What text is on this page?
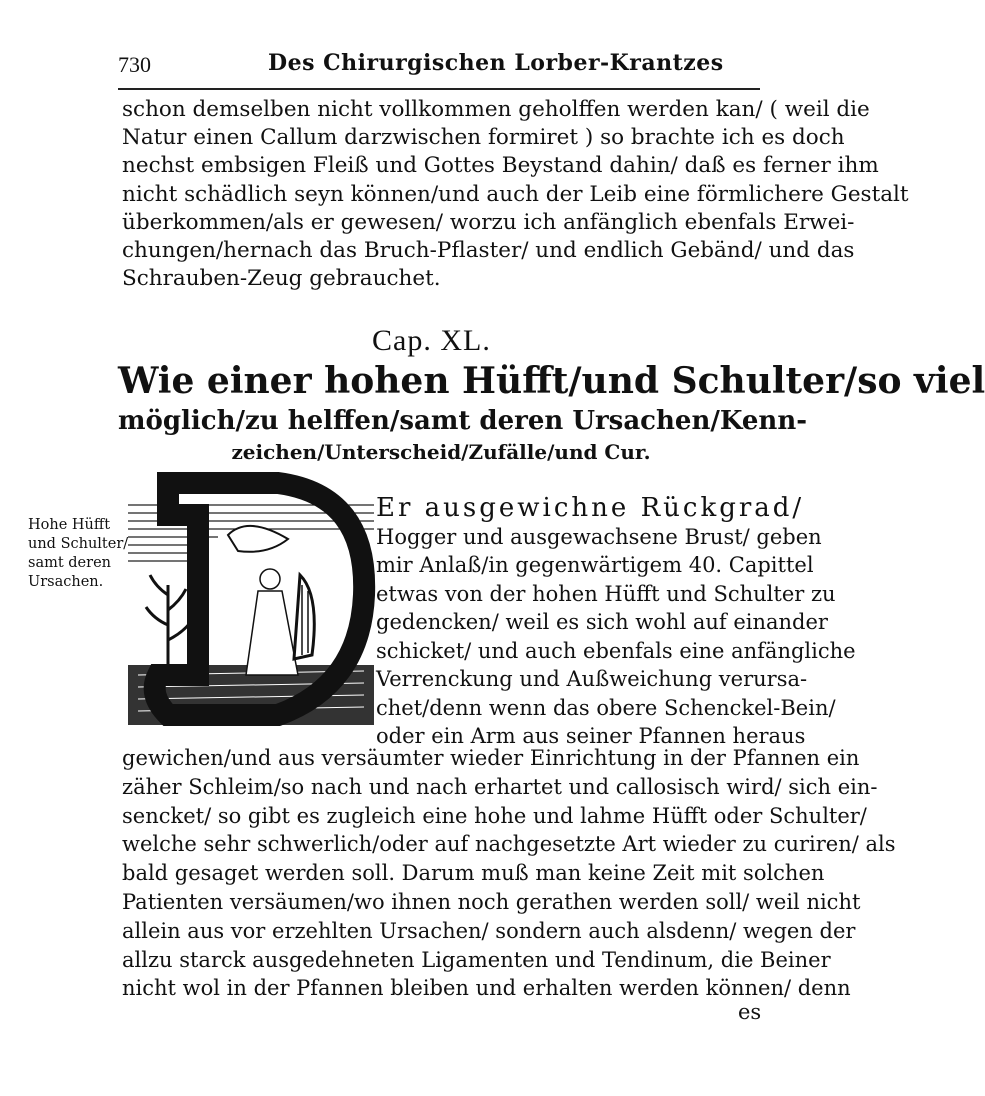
730	Des Chirurgischen Lorber-Krantzes
schon demselben nicht vollkommen geholffen werden kan/ ( weil die
Natur einen Callum darzwischen formiret ) so brachte ich es doch
nechst embsigen Fleiß und Gottes Beystand dahin/ daß es ferner ihm
nicht schädlich seyn können/und auch der Leib eine förmlichere Gestalt
überkommen/als er gewesen/ worzu ich anfänglich ebenfals Erwei-
chungen/hernach das Bruch-Pflaster/ und endlich Gebänd/ und das
Schrauben-Zeug gebrauchet.
Cap. XL.
Wie einer hohen Hüfft/und Schulter/so viel
möglich/zu helffen/samt deren Ursachen/Kenn-
zeichen/Unterscheid/Zufälle/und Cur.
Hohe Hüfft
und Schulter/
samt deren
Ursachen.
Er ausgewichne Rückgrad/
Hogger und ausgewachsene Brust/ geben
mir Anlaß/in gegenwärtigem 40. Capittel
etwas von der hohen Hüfft und Schulter zu
gedencken/ weil es sich wohl auf einander
schicket/ und auch ebenfals eine anfängliche
Verrenckung und Außweichung verursa-
chet/denn wenn das obere Schenckel-Bein/
oder ein Arm aus seiner Pfannen heraus
gewichen/und aus versäumter wieder Einrichtung in der Pfannen ein
zäher Schleim/so nach und nach erhartet und callosisch wird/ sich ein-
sencket/ so gibt es zugleich eine hohe und lahme Hüfft oder Schulter/
welche sehr schwerlich/oder auf nachgesetzte Art wieder zu curiren/ als
bald gesaget werden soll. Darum muß man keine Zeit mit solchen
Patienten versäumen/wo ihnen noch gerathen werden soll/ weil nicht
allein aus vor erzehlten Ursachen/ sondern auch alsdenn/ wegen der
allzu starck ausgedehneten Ligamenten und Tendinum, die Beiner
nicht wol in der Pfannen bleiben und erhalten werden können/ denn
es
